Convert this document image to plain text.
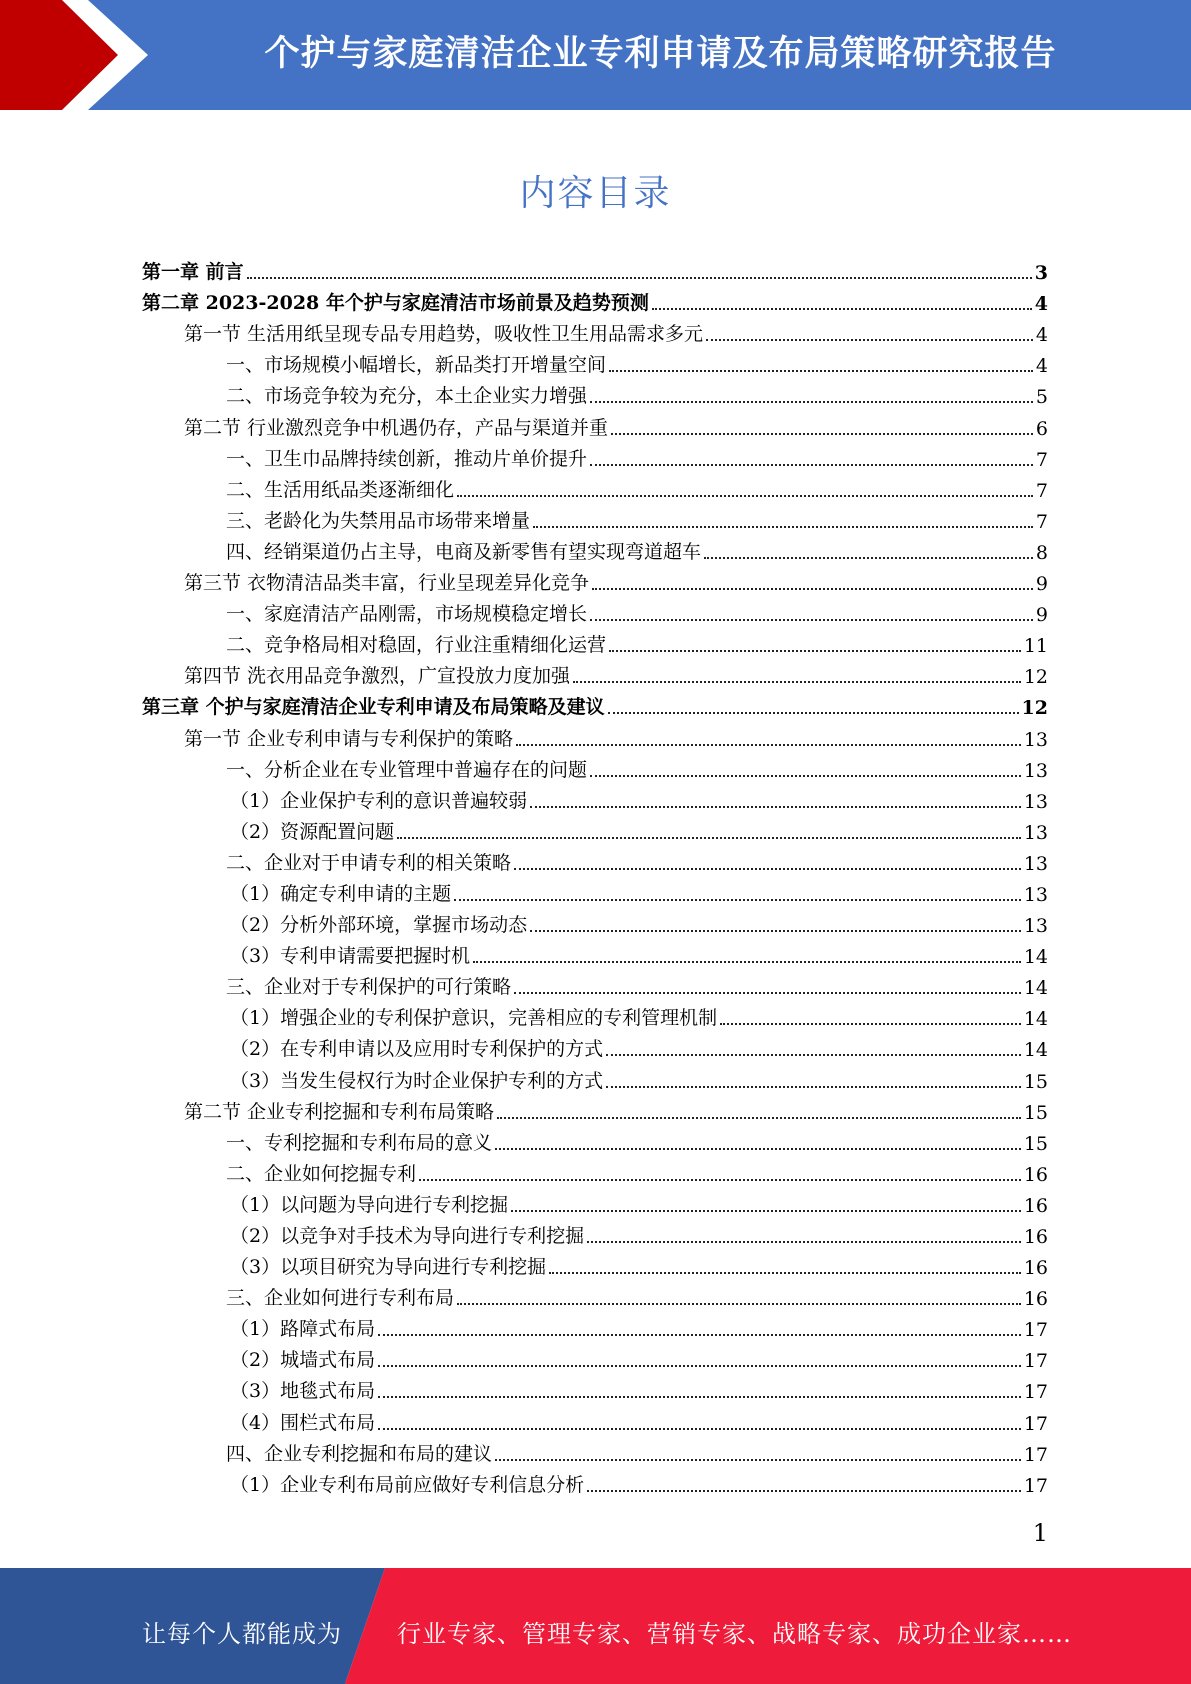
个护与家庭清洁企业专利申请及布局策略研究报告
内容目录
第一章 前言	3
第二章 2023-2028 年个护与家庭清洁市场前景及趋势预测	4
第一节 生活用纸呈现专品专用趋势，吸收性卫生用品需求多元	4
一、市场规模小幅增长，新品类打开增量空间	4
二、市场竞争较为充分，本土企业实力增强	5
第二节 行业激烈竞争中机遇仍存，产品与渠道并重	6
一、卫生巾品牌持续创新，推动片单价提升	7
二、生活用纸品类逐渐细化	7
三、老龄化为失禁用品市场带来增量	7
四、经销渠道仍占主导，电商及新零售有望实现弯道超车	8
第三节 衣物清洁品类丰富，行业呈现差异化竞争	9
一、家庭清洁产品刚需，市场规模稳定增长	9
二、竞争格局相对稳固，行业注重精细化运营	11
第四节 洗衣用品竞争激烈，广宣投放力度加强	12
第三章 个护与家庭清洁企业专利申请及布局策略及建议	12
第一节 企业专利申请与专利保护的策略	13
一、分析企业在专业管理中普遍存在的问题	13
（1）企业保护专利的意识普遍较弱	13
（2）资源配置问题	13
二、企业对于申请专利的相关策略	13
（1）确定专利申请的主题	13
（2）分析外部环境，掌握市场动态	13
（3）专利申请需要把握时机	14
三、企业对于专利保护的可行策略	14
（1）增强企业的专利保护意识，完善相应的专利管理机制	14
（2）在专利申请以及应用时专利保护的方式	14
（3）当发生侵权行为时企业保护专利的方式	15
第二节 企业专利挖掘和专利布局策略	15
一、专利挖掘和专利布局的意义	15
二、企业如何挖掘专利	16
（1）以问题为导向进行专利挖掘	16
（2）以竞争对手技术为导向进行专利挖掘	16
（3）以项目研究为导向进行专利挖掘	16
三、企业如何进行专利布局	16
（1）路障式布局	17
（2）城墙式布局	17
（3）地毯式布局	17
（4）围栏式布局	17
四、企业专利挖掘和布局的建议	17
（1）企业专利布局前应做好专利信息分析	17
1
让每个人都能成为 行业专家、管理专家、营销专家、战略专家、成功企业家……
